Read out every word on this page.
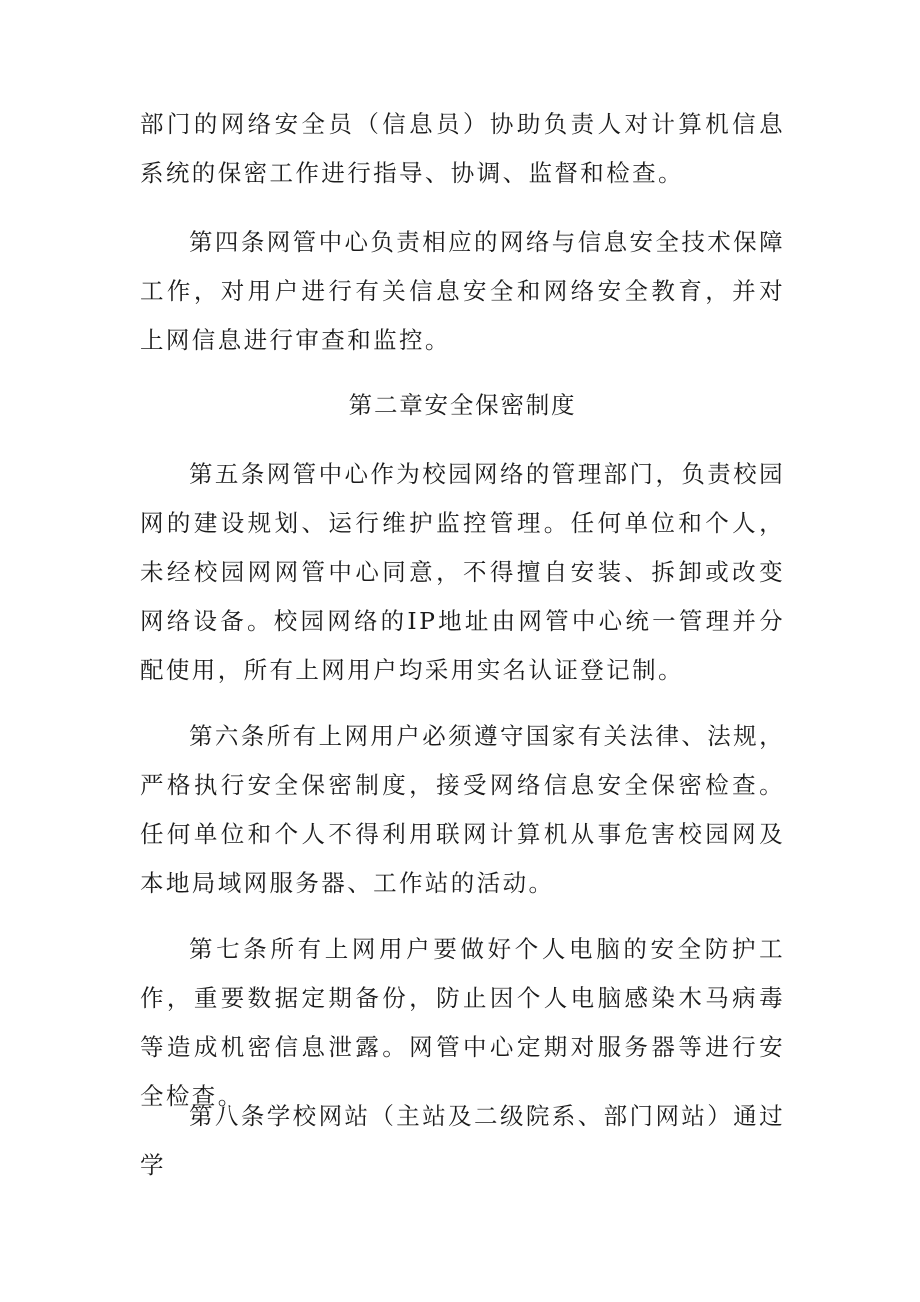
部门的网络安全员（信息员）协助负责人对计算机信息系统的保密工作进行指导、协调、监督和检查。

第四条网管中心负责相应的网络与信息安全技术保障工作，对用户进行有关信息安全和网络安全教育，并对上网信息进行审查和监控。

第二章安全保密制度

第五条网管中心作为校园网络的管理部门，负责校园网的建设规划、运行维护监控管理。任何单位和个人，未经校园网网管中心同意，不得擅自安装、拆卸或改变网络设备。校园网络的IP地址由网管中心统一管理并分配使用，所有上网用户均采用实名认证登记制。

第六条所有上网用户必须遵守国家有关法律、法规，严格执行安全保密制度，接受网络信息安全保密检查。任何单位和个人不得利用联网计算机从事危害校园网及本地局域网服务器、工作站的活动。

第七条所有上网用户要做好个人电脑的安全防护工作，重要数据定期备份，防止因个人电脑感染木马病毒等造成机密信息泄露。网管中心定期对服务器等进行安全检查。

第八条学校网站（主站及二级院系、部门网站）通过学
